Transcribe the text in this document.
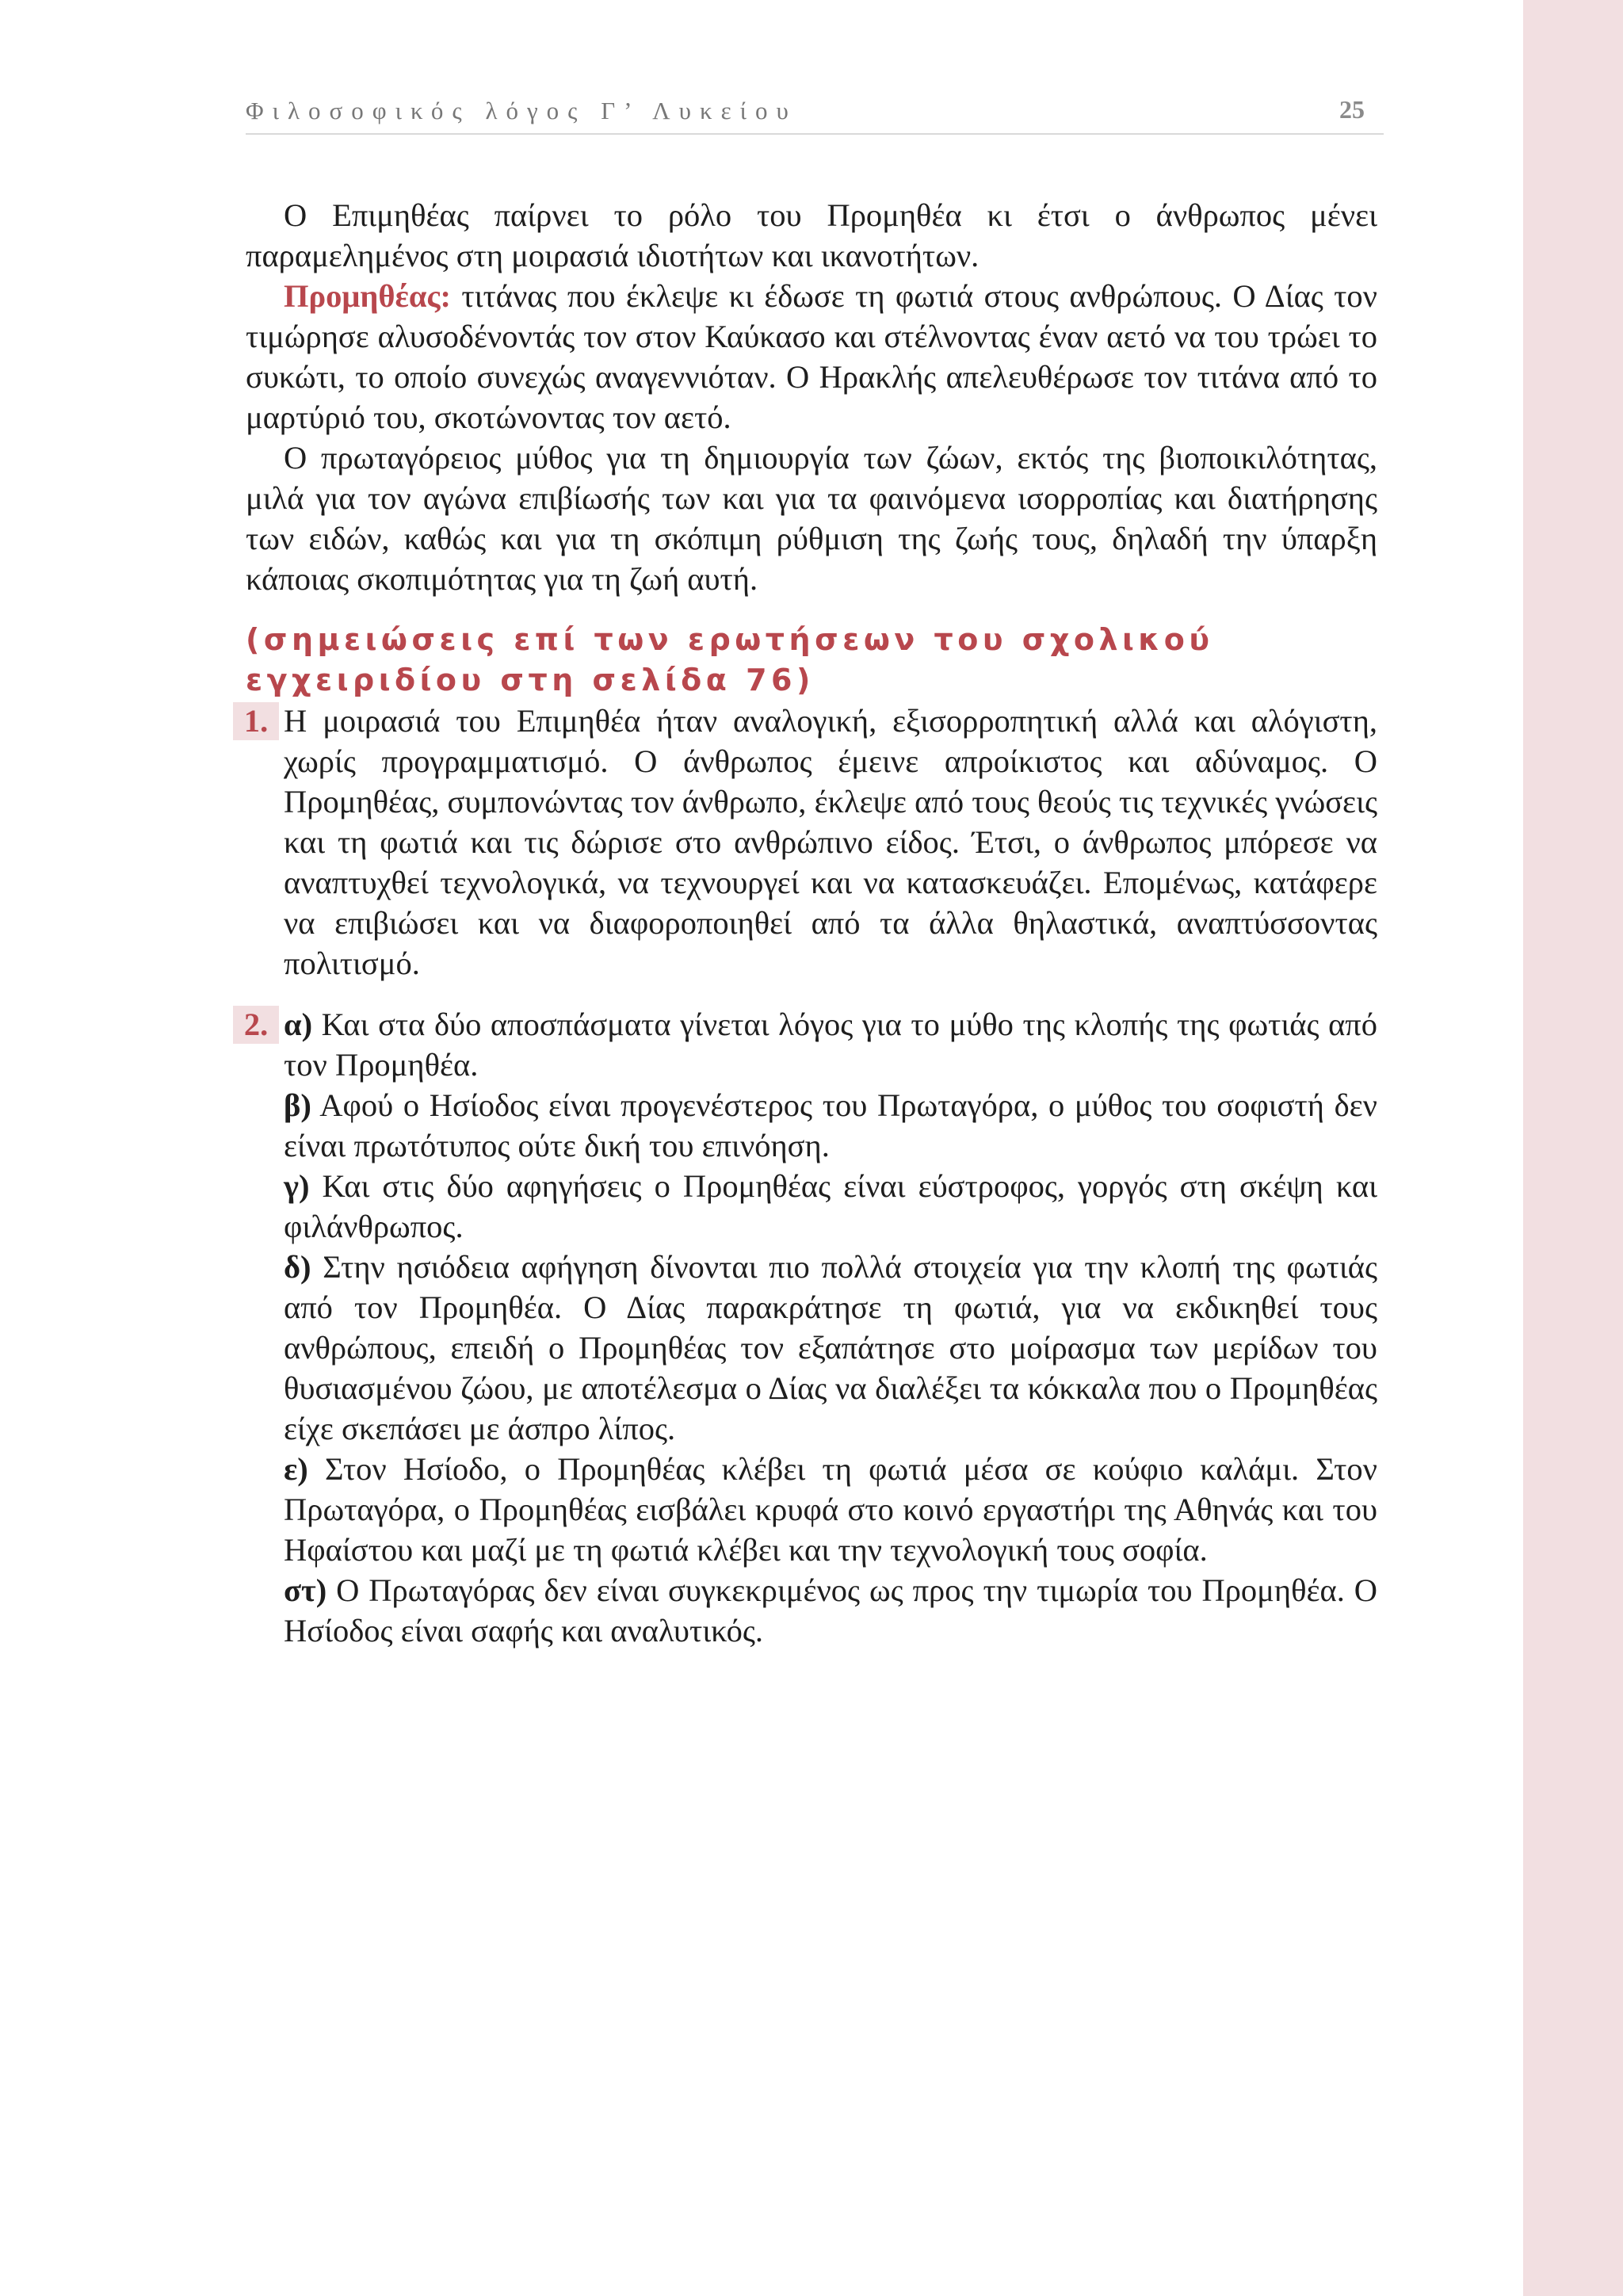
Φιλοσοφικός λόγος Γ’ Λυκείου	25

Ο Επιμηθέας παίρνει το ρόλο του Προμηθέα κι έτσι ο άνθρωπος μένει παραμελημένος στη μοιρασιά ιδιοτήτων και ικανοτήτων.

Προμηθέας: τιτάνας που έκλεψε κι έδωσε τη φωτιά στους ανθρώπους. Ο Δίας τον τιμώρησε αλυσοδένοντάς τον στον Καύκασο και στέλνοντας έναν αετό να του τρώει το συκώτι, το οποίο συνεχώς αναγεννιόταν. Ο Ηρακλής απελευθέρωσε τον τιτάνα από το μαρτύριό του, σκοτώνοντας τον αετό.

Ο πρωταγόρειος μύθος για τη δημιουργία των ζώων, εκτός της βιοποικιλότητας, μιλά για τον αγώνα επιβίωσής των και για τα φαινόμενα ισορροπίας και διατήρησης των ειδών, καθώς και για τη σκόπιμη ρύθμιση της ζωής τους, δηλαδή την ύπαρξη κάποιας σκοπιμότητας για τη ζωή αυτή.

(σημειώσεις επί των ερωτήσεων του σχολικού εγχειριδίου στη σελίδα 76)
1. Η μοιρασιά του Επιμηθέα ήταν αναλογική, εξισορροπητική αλλά και αλόγιστη, χωρίς προγραμματισμό. Ο άνθρωπος έμεινε απροίκιστος και αδύναμος. Ο Προμηθέας, συμπονώντας τον άνθρωπο, έκλεψε από τους θεούς τις τεχνικές γνώσεις και τη φωτιά και τις δώρισε στο ανθρώπινο είδος. Έτσι, ο άνθρωπος μπόρεσε να αναπτυχθεί τεχνολογικά, να τεχνουργεί και να κατασκευάζει. Επομένως, κατάφερε να επιβιώσει και να διαφοροποιηθεί από τα άλλα θηλαστικά, αναπτύσσοντας πολιτισμό.
2. α) Και στα δύο αποσπάσματα γίνεται λόγος για το μύθο της κλοπής της φωτιάς από τον Προμηθέα.

β) Αφού ο Ησίοδος είναι προγενέστερος του Πρωταγόρα, ο μύθος του σοφιστή δεν είναι πρωτότυπος ούτε δική του επινόηση.

γ) Και στις δύο αφηγήσεις ο Προμηθέας είναι εύστροφος, γοργός στη σκέψη και φιλάνθρωπος.

δ) Στην ησιόδεια αφήγηση δίνονται πιο πολλά στοιχεία για την κλοπή της φωτιάς από τον Προμηθέα. Ο Δίας παρακράτησε τη φωτιά, για να εκδικηθεί τους ανθρώπους, επειδή ο Προμηθέας τον εξαπάτησε στο μοίρασμα των μερίδων του θυσιασμένου ζώου, με αποτέλεσμα ο Δίας να διαλέξει τα κόκκαλα που ο Προμηθέας είχε σκεπάσει με άσπρο λίπος.

ε) Στον Ησίοδο, ο Προμηθέας κλέβει τη φωτιά μέσα σε κούφιο καλάμι. Στον Πρωταγόρα, ο Προμηθέας εισβάλει κρυφά στο κοινό εργαστήρι της Αθηνάς και του Ηφαίστου και μαζί με τη φωτιά κλέβει και την τεχνολογική τους σοφία.

στ) Ο Πρωταγόρας δεν είναι συγκεκριμένος ως προς την τιμωρία του Προμηθέα. Ο Ησίοδος είναι σαφής και αναλυτικός.
